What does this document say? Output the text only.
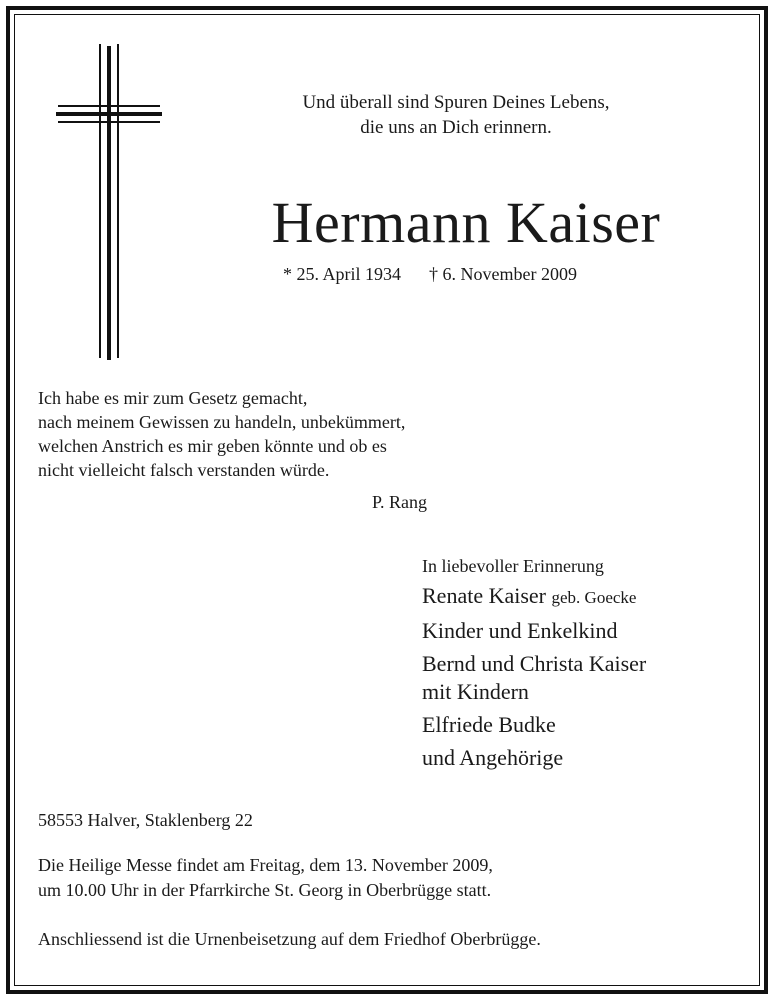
Und überall sind Spuren Deines Lebens,
die uns an Dich erinnern.
Hermann Kaiser
* 25. April 1934 † 6. November 2009
Ich habe es mir zum Gesetz gemacht,
nach meinem Gewissen zu handeln, unbekümmert,
welchen Anstrich es mir geben könnte und ob es
nicht vielleicht falsch verstanden würde.
P. Rang
In liebevoller Erinnerung
Renate Kaiser geb. Goecke
Kinder und Enkelkind
Bernd und Christa Kaiser
mit Kindern
Elfriede Budke
und Angehörige
58553 Halver, Staklenberg 22
Die Heilige Messe findet am Freitag, dem 13. November 2009,
um 10.00 Uhr in der Pfarrkirche St. Georg in Oberbrügge statt.
Anschliessend ist die Urnenbeisetzung auf dem Friedhof Oberbrügge.
